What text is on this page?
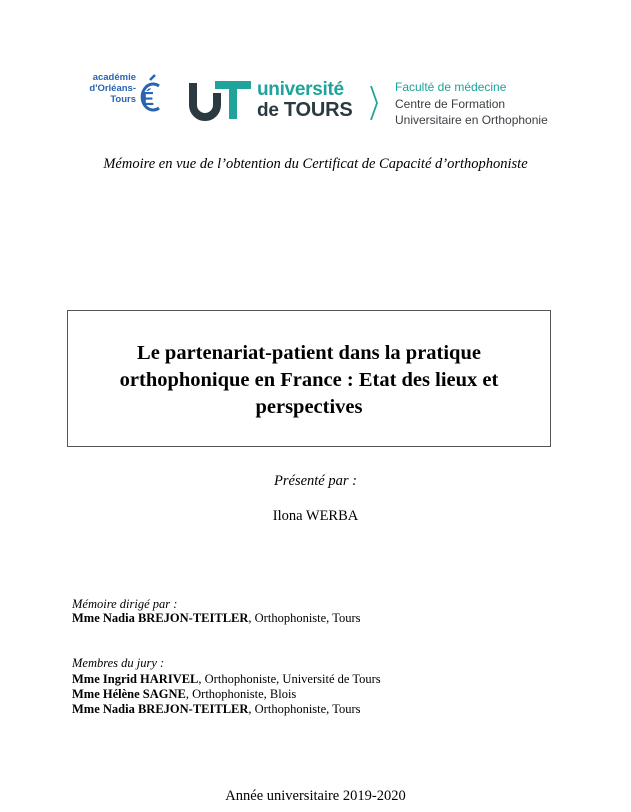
académie
d'Orléans-Tours É	université
de TOURS
Faculté de médecine
Centre de Formation
Universitaire en Orthophonie
Mémoire en vue de l’obtention du Certificat de Capacité d’orthophoniste
Le partenariat-patient dans la pratique
orthophonique en France : Etat des lieux et
perspectives
Présenté par :
Ilona WERBA
Mémoire dirigé par :
Mme Nadia BREJON-TEITLER, Orthophoniste, Tours
Membres du jury :
Mme Ingrid HARIVEL, Orthophoniste, Université de Tours
Mme Hélène SAGNE, Orthophoniste, Blois
Mme Nadia BREJON-TEITLER, Orthophoniste, Tours
Année universitaire 2019-2020
